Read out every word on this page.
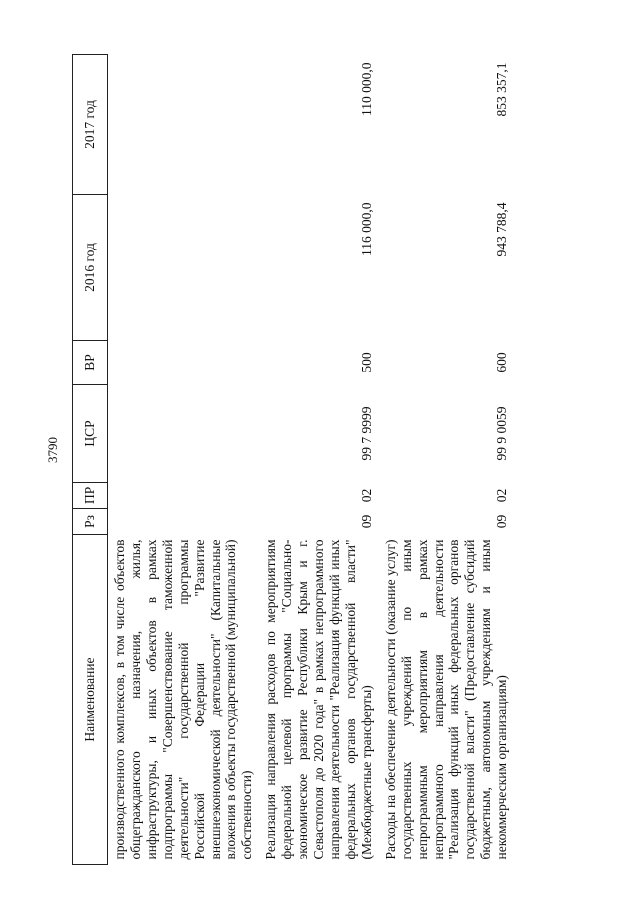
3790
Наименование	Рз	ПР	ЦСР	ВР	2016 год	2017 год
производственного комплексов, в том числе объектов общегражданского назначения, жилья, инфраструктуры, и иных объектов в рамках подпрограммы "Совершенствование таможенной деятельности" государственной программы Российской Федерации "Развитие внешнеэкономической деятельности" (Капитальные вложения в объекты государственной (муниципальной) собственности)						
Реализация направления расходов по мероприятиям федеральной целевой программы "Социально-экономическое развитие Республики Крым и г. Севастополя до 2020 года" в рамках непрограммного направления деятельности "Реализация функций иных федеральных органов государственной власти" (Межбюджетные трансферты)	09	02	99 7 9999	500	116 000,0	110 000,0
Расходы на обеспечение деятельности (оказание услуг) государственных учреждений по иным непрограммным мероприятиям в рамках непрограммного направления деятельности "Реализация функций иных федеральных органов государственной власти" (Предоставление субсидий бюджетным, автономным учреждениям и иным некоммерческим организациям)	09	02	99 9 0059	600	943 788,4	853 357,1
